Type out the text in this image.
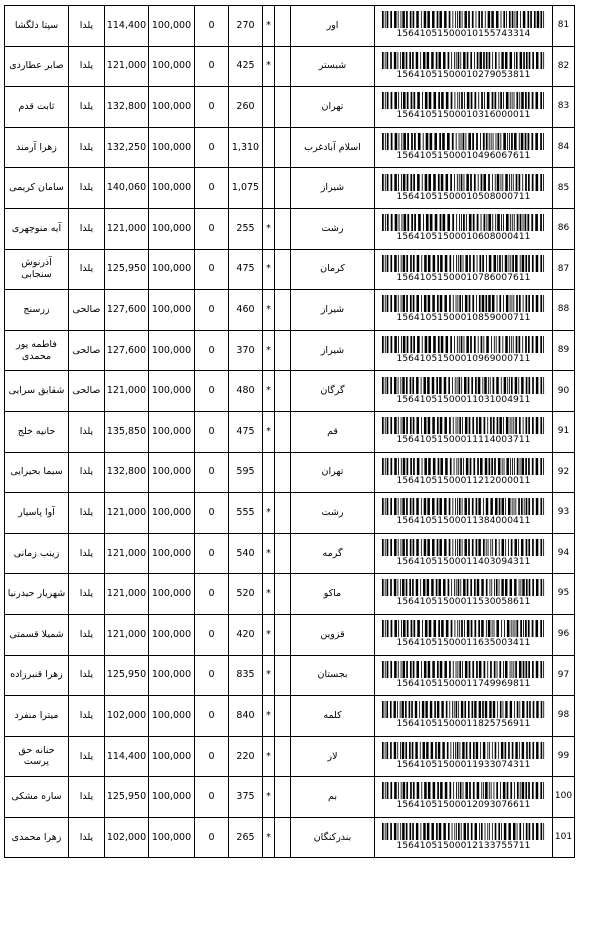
سپتا دلگشا	یلدا	114,400	100,000	0	270	*		اور	15641051500010155743314	81
صابر عطاردی	یلدا	121,000	100,000	0	425	*		شبستر	15641051500010279053811	82
ثابت قدم	یلدا	132,800	100,000	0	260			تهران	15641051500010316000011	83
زهرا آرمند	یلدا	132,250	100,000	0	1,310			اسلام آبادغرب	15641051500010496067611	84
سامان کریمی	یلدا	140,060	100,000	0	1,075			شیراز	15641051500010508000711	85
آیه منوچهری	یلدا	121,000	100,000	0	255	*		رشت	15641051500010608000411	86
آذرنوش سنجابی	یلدا	125,950	100,000	0	475	*		کرمان	15641051500010786007611	87
زرسنج	صالحی	127,600	100,000	0	460	*		شیراز	15641051500010859000711	88
فاطمه پور محمدی	صالحی	127,600	100,000	0	370	*		شیراز	15641051500010969000711	89
شقایق سرایی	صالحی	121,000	100,000	0	480	*		گرگان	15641051500011031004911	90
حانیه خلج	یلدا	135,850	100,000	0	475	*		قم	15641051500011114003711	91
سیما بحیرایی	یلدا	132,800	100,000	0	595			تهران	15641051500011212000011	92
آوا پاسیار	یلدا	121,000	100,000	0	555	*		رشت	15641051500011384000411	93
زینب زمانی	یلدا	121,000	100,000	0	540	*		گرمه	15641051500011403094311	94
شهریار حیدرنیا	یلدا	121,000	100,000	0	520	*		ماکو	15641051500011530058611	95
شمیلا قسمتی	یلدا	121,000	100,000	0	420	*		قزوین	15641051500011635003411	96
زهرا قنبرزاده	یلدا	125,950	100,000	0	835	*		بجستان	15641051500011749969811	97
میترا منفرد	یلدا	102,000	100,000	0	840	*		کلمه	15641051500011825756911	98
حنانه حق پرست	یلدا	114,400	100,000	0	220	*		لار	15641051500011933074311	99
ساره مشکی	یلدا	125,950	100,000	0	375	*		بم	15641051500012093076611	100
زهرا محمدی	یلدا	102,000	100,000	0	265	*		بندرکنگان	15641051500012133755711	101
